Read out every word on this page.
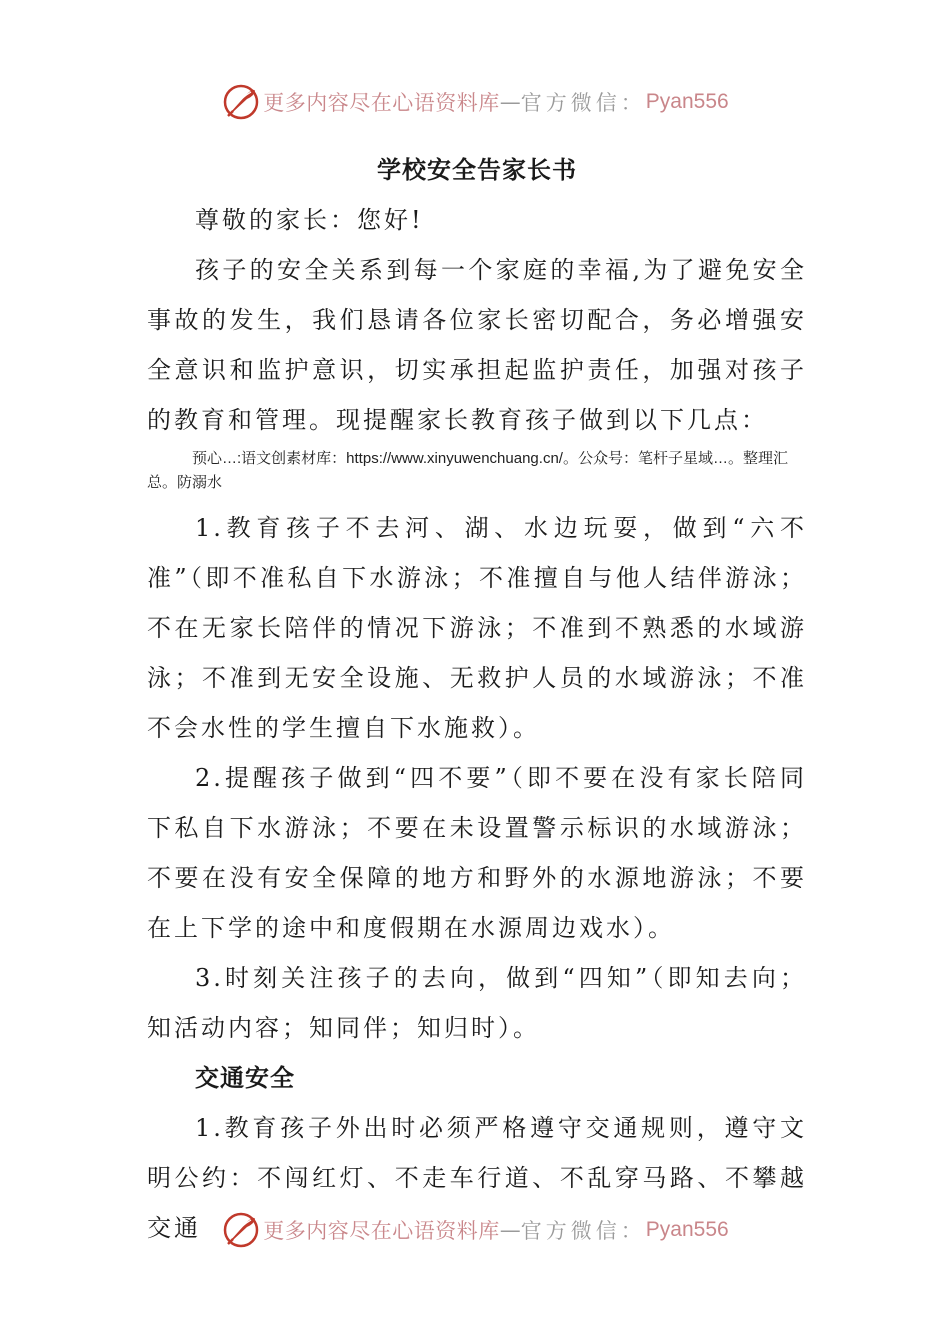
更多内容尽在心语资料库 — 官方微信： Pyan556
学校安全告家长书

尊敬的家长：您好!

孩子的安全关系到每一个家庭的幸福,为了避免安全事故的发生，我们恳请各位家长密切配合，务必增强安全意识和监护意识，切实承担起监护责任，加强对孩子的教育和管理。现提醒家长教育孩子做到以下几点：

预心…:语文创素材库：https://www.xinyuwenchuang.cn/。公众号：笔杆子星域…。整理汇总。防溺水

1.教育孩子不去河、湖、水边玩耍，做到“六不准”（即不准私自下水游泳；不准擅自与他人结伴游泳；不在无家长陪伴的情况下游泳；不准到不熟悉的水域游泳；不准到无安全设施、无救护人员的水域游泳；不准不会水性的学生擅自下水施救）。

2.提醒孩子做到“四不要”（即不要在没有家长陪同下私自下水游泳；不要在未设置警示标识的水域游泳；不要在没有安全保障的地方和野外的水源地游泳；不要在上下学的途中和度假期在水源周边戏水）。

3.时刻关注孩子的去向，做到“四知”（即知去向；知活动内容；知同伴；知归时）。

交通安全

1.教育孩子外出时必须严格遵守交通规则，遵守文明公约：不闯红灯、不走车行道、不乱穿马路、不攀越交通	更多内容尽在心语资料库 — 官方微信： Pyan556
